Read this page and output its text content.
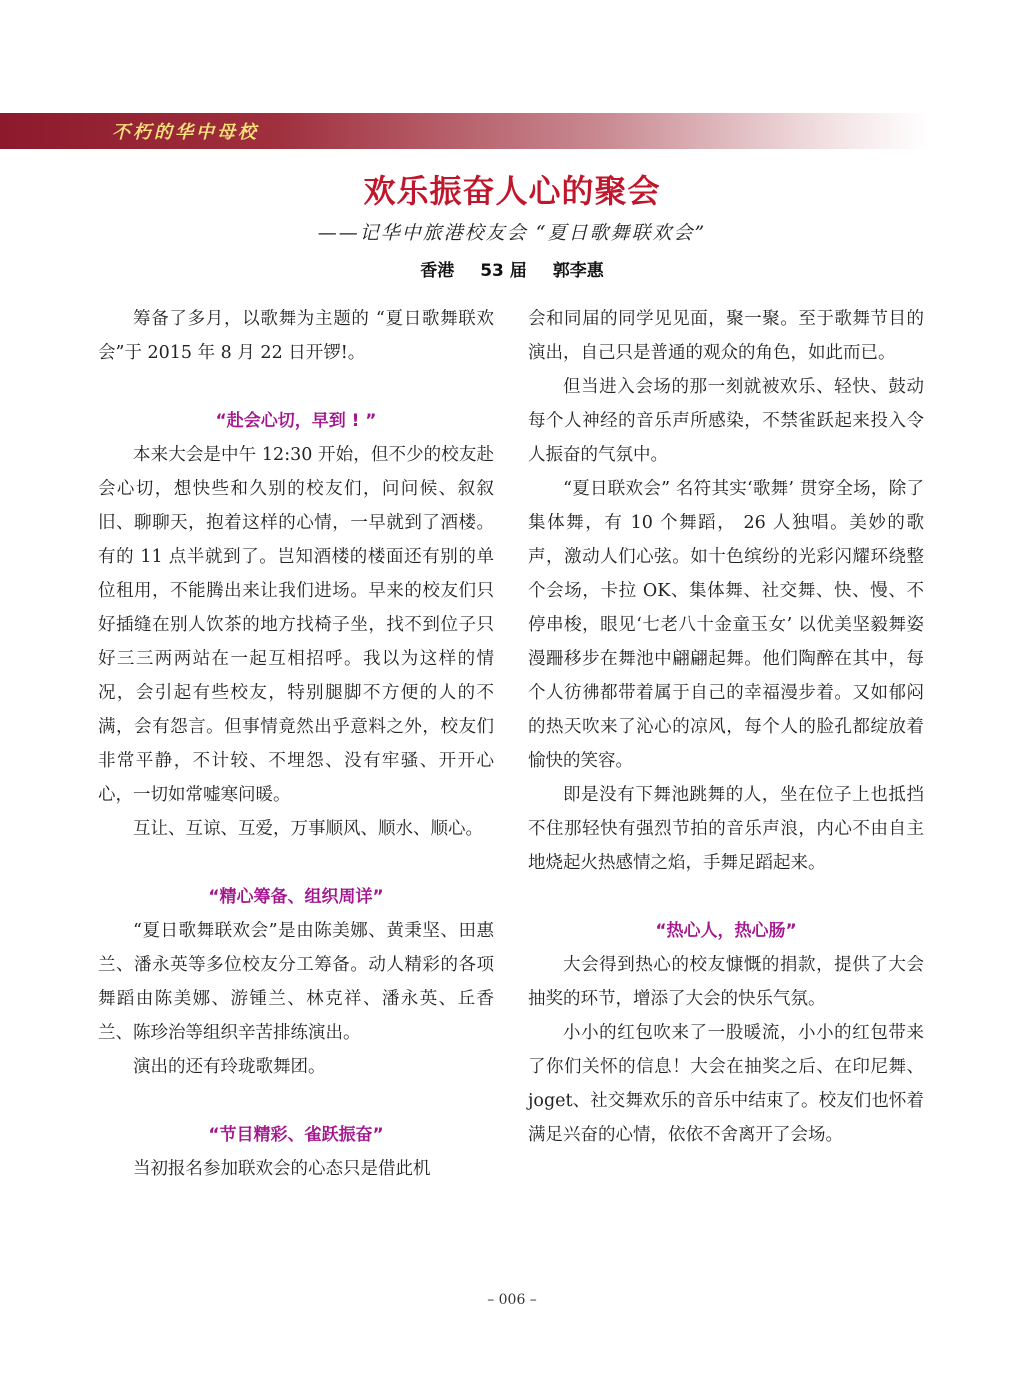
不朽的华中母校
欢乐振奋人心的聚会
——记华中旅港校友会 “夏日歌舞联欢会”
香港 53 届 郭李惠

筹备了多月，以歌舞为主题的 “夏日歌舞联欢会”于 2015 年 8 月 22 日开锣!。

“赴会心切，早到 ! ”

本来大会是中午 12:30 开始，但不少的校友赴会心切，想快些和久别的校友们，问问候、叙叙旧、聊聊天，抱着这样的心情，一早就到了酒楼。有的 11 点半就到了。岂知酒楼的楼面还有别的单位租用，不能腾出来让我们进场。早来的校友们只好插缝在别人饮茶的地方找椅子坐，找不到位子只好三三两两站在一起互相招呼。我以为这样的情况，会引起有些校友，特别腿脚不方便的人的不满，会有怨言。但事情竟然出乎意料之外，校友们非常平静，不计较、不埋怨、没有牢骚、开开心心，一切如常嘘寒问暖。

互让、互谅、互爱，万事顺风、顺水、顺心。

“精心筹备、组织周详”

“夏日歌舞联欢会”是由陈美娜、黄秉坚、田惠兰、潘永英等多位校友分工筹备。动人精彩的各项舞蹈由陈美娜、游锺兰、林克祥、潘永英、丘香兰、陈珍治等组织辛苦排练演出。

演出的还有玲珑歌舞团。

“节目精彩、雀跃振奋”

当初报名参加联欢会的心态只是借此机

会和同届的同学见见面，聚一聚。至于歌舞节目的演出，自己只是普通的观众的角色，如此而已。

但当进入会场的那一刻就被欢乐、轻快、鼓动每个人神经的音乐声所感染，不禁雀跃起来投入令人振奋的气氛中。

“夏日联欢会” 名符其实‘歌舞’ 贯穿全场，除了集体舞，有 10 个舞蹈， 26 人独唱。美妙的歌声，激动人们心弦。如十色缤纷的光彩闪耀环绕整个会场，卡拉 OK、集体舞、社交舞、快、慢、不停串梭，眼见‘七老八十金童玉女’ 以优美坚毅舞姿漫跚移步在舞池中翩翩起舞。他们陶醉在其中，每个人彷彿都带着属于自己的幸福漫步着。又如郁闷的热天吹来了沁心的凉风，每个人的脸孔都绽放着愉快的笑容。

即是没有下舞池跳舞的人，坐在位子上也抵挡不住那轻快有强烈节拍的音乐声浪，内心不由自主地烧起火热感情之焰，手舞足蹈起来。

“热心人，热心肠”

大会得到热心的校友慷慨的捐款，提供了大会抽奖的环节，增添了大会的快乐气氛。

小小的红包吹来了一股暖流，小小的红包带来了你们关怀的信息！大会在抽奖之后、在印尼舞、joget、社交舞欢乐的音乐中结束了。校友们也怀着满足兴奋的心情，依依不舍离开了会场。

– 006 –
